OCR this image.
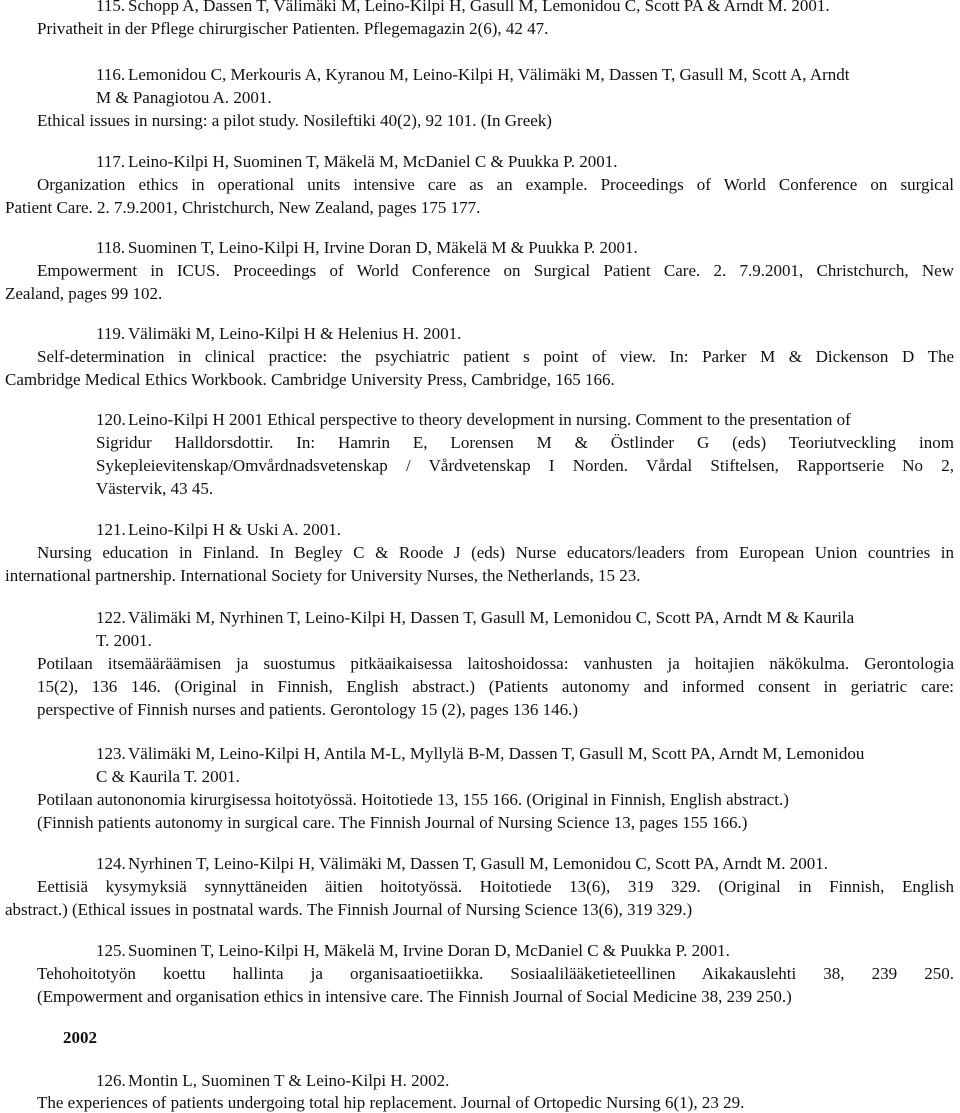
115. Schopp A, Dassen T, Välimäki M, Leino-Kilpi H, Gasull M, Lemonidou C, Scott PA & Arndt M. 2001.
Privatheit in der Pflege chirurgischer Patienten. Pflegemagazin 2(6), 42 47.
116. Lemonidou C, Merkouris A, Kyranou M, Leino-Kilpi H, Välimäki M, Dassen T, Gasull M, Scott A, Arndt
M & Panagiotou A. 2001.
Ethical issues in nursing: a pilot study. Nosileftiki 40(2), 92 101. (In Greek)
117. Leino-Kilpi H, Suominen T, Mäkelä M, McDaniel C & Puukka P. 2001.
Organization ethics in operational units intensive care as an example. Proceedings of World Conference on surgical
Patient Care. 2. 7.9.2001, Christchurch, New Zealand, pages 175 177.
118. Suominen T, Leino-Kilpi H, Irvine Doran D, Mäkelä M & Puukka P. 2001.
Empowerment in ICUS. Proceedings of World Conference on Surgical Patient Care. 2. 7.9.2001, Christchurch, New
Zealand, pages 99 102.
119. Välimäki M, Leino-Kilpi H & Helenius H. 2001.
Self-determination in clinical practice: the psychiatric patient s point of view. In: Parker M & Dickenson D The
Cambridge Medical Ethics Workbook. Cambridge University Press, Cambridge, 165 166.
120. Leino-Kilpi H 2001 Ethical perspective to theory development in nursing. Comment to the presentation of
Sigridur Halldorsdottir. In: Hamrin E, Lorensen M & Östlinder G (eds) Teoriutveckling inom
Sykepleievitenskap/Omvårdnadsvetenskap / Vårdvetenskap I Norden. Vårdal Stiftelsen, Rapportserie No 2,
Västervik, 43 45.
121. Leino-Kilpi H & Uski A. 2001.
Nursing education in Finland. In Begley C & Roode J (eds) Nurse educators/leaders from European Union countries in
international partnership. International Society for University Nurses, the Netherlands, 15 23.
122. Välimäki M, Nyrhinen T, Leino-Kilpi H, Dassen T, Gasull M, Lemonidou C, Scott PA, Arndt M & Kaurila
T. 2001.
Potilaan itsemääräämisen ja suostumus pitkäaikaisessa laitoshoidossa: vanhusten ja hoitajien näkökulma. Gerontologia
15(2), 136 146. (Original in Finnish, English abstract.) (Patients autonomy and informed consent in geriatric care:
perspective of Finnish nurses and patients. Gerontology 15 (2), pages 136 146.)
123. Välimäki M, Leino-Kilpi H, Antila M-L, Myllylä B-M, Dassen T, Gasull M, Scott PA, Arndt M, Lemonidou
C & Kaurila T. 2001.
Potilaan autononomia kirurgisessa hoitotyössä. Hoitotiede 13, 155 166. (Original in Finnish, English abstract.)
(Finnish patients autonomy in surgical care. The Finnish Journal of Nursing Science 13, pages 155 166.)
124. Nyrhinen T, Leino-Kilpi H, Välimäki M, Dassen T, Gasull M, Lemonidou C, Scott PA, Arndt M. 2001.
Eettisiä kysymyksiä synnyttäneiden äitien hoitotyössä. Hoitotiede 13(6), 319 329. (Original in Finnish, English
abstract.) (Ethical issues in postnatal wards. The Finnish Journal of Nursing Science 13(6), 319 329.)
125. Suominen T, Leino-Kilpi H, Mäkelä M, Irvine Doran D, McDaniel C & Puukka P. 2001.
Tehohoitotyön koettu hallinta ja organisaatioetiikka. Sosiaalilääketieteellinen Aikakauslehti 38, 239 250.
(Empowerment and organisation ethics in intensive care. The Finnish Journal of Social Medicine 38, 239 250.)
2002
126. Montin L, Suominen T & Leino-Kilpi H. 2002.
The experiences of patients undergoing total hip replacement. Journal of Ortopedic Nursing 6(1), 23 29.
